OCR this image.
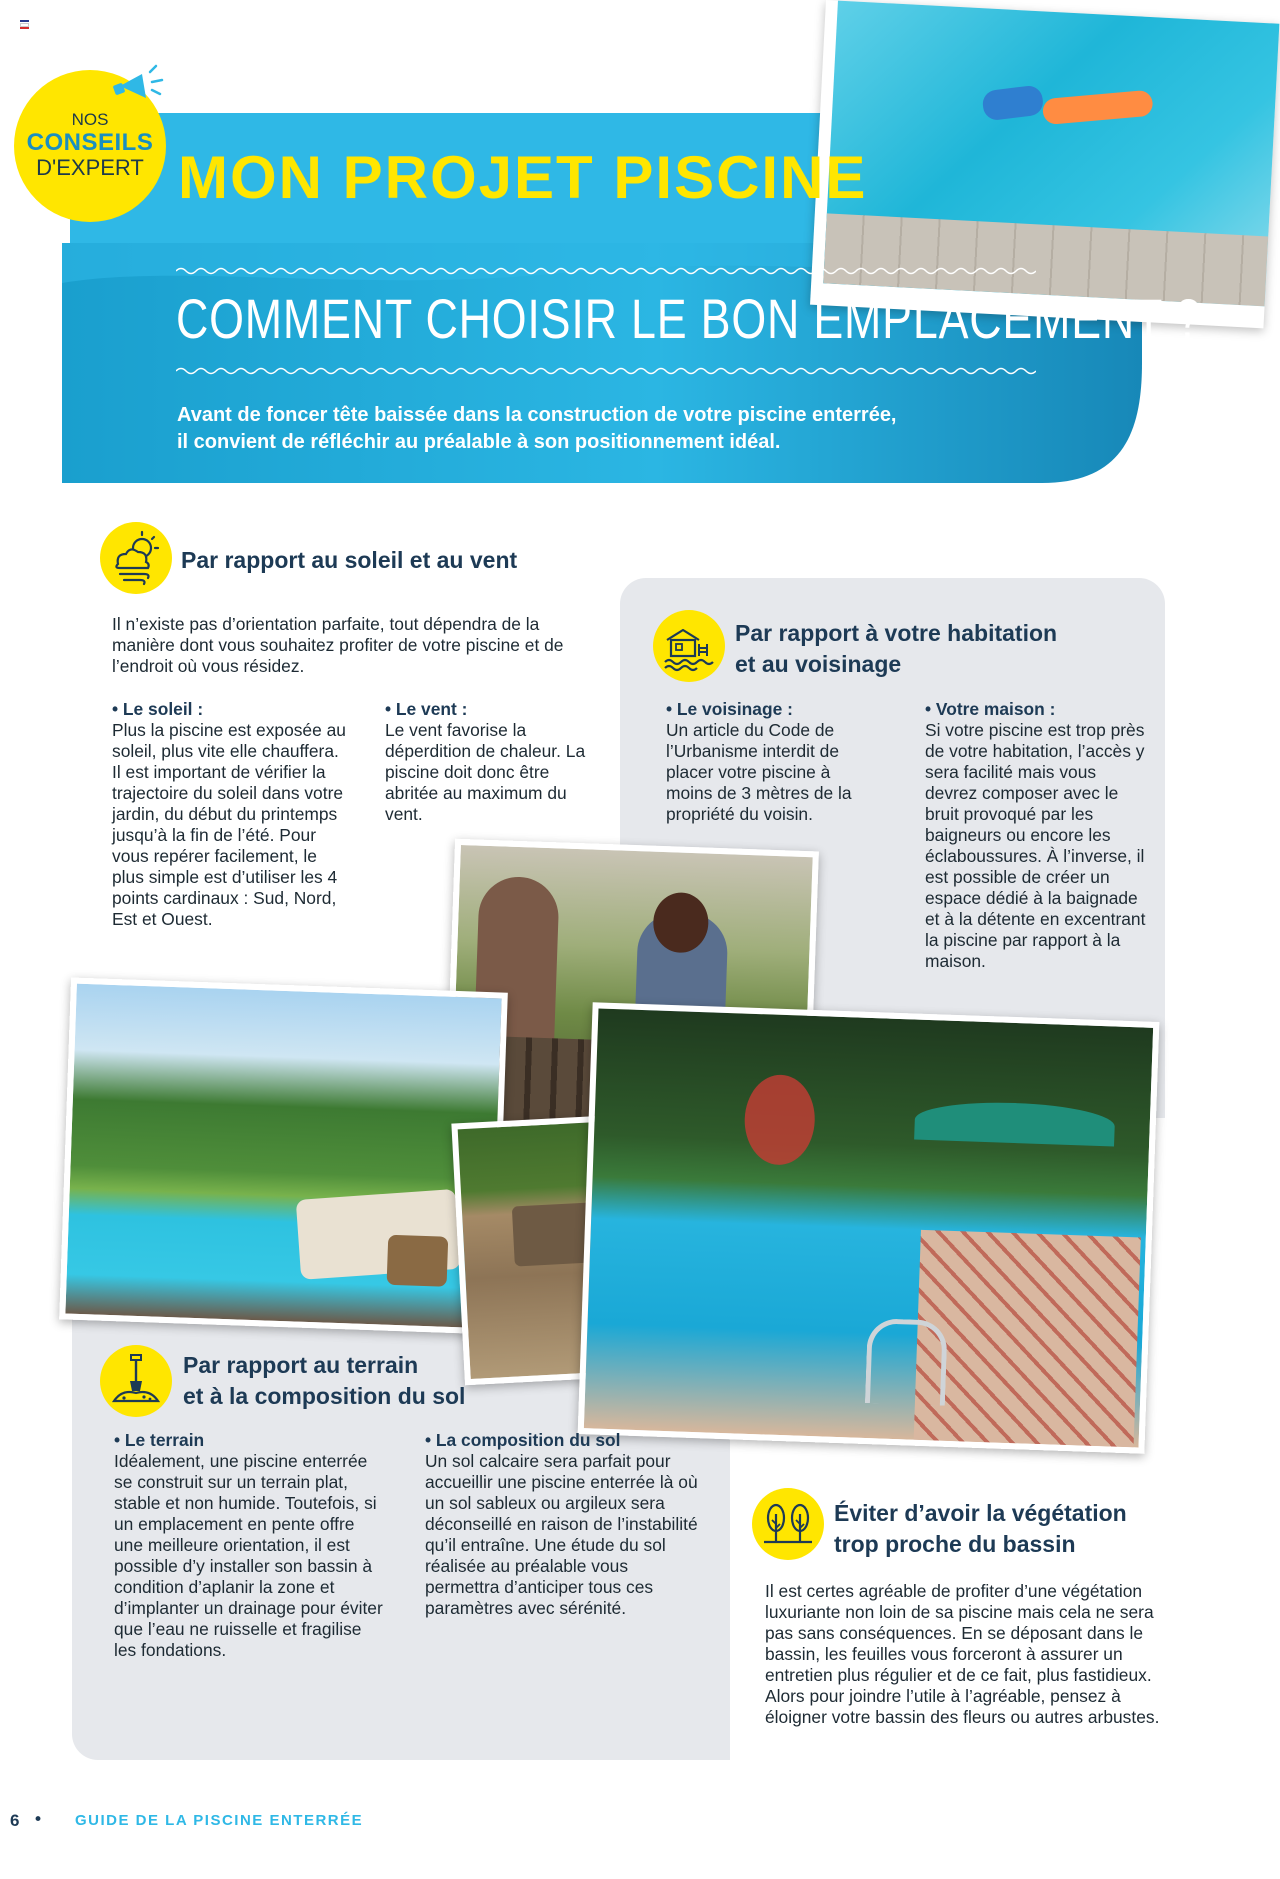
NOS
CONSEILS
D'EXPERT MON PROJET PISCINE
COMMENT CHOISIR LE BON EMPLACEMENT ?
Avant de foncer tête baissée dans la construction de votre piscine enterrée,
il convient de réfléchir au préalable à son positionnement idéal.
Par rapport au soleil et au vent
Il n’existe pas d’orientation parfaite, tout dépendra de la manière dont vous souhaitez profiter de votre piscine et de l’endroit où vous résidez.
• Le soleil :
Plus la piscine est exposée au soleil, plus vite elle chauffera. Il est important de vérifier la trajectoire du soleil dans votre jardin, du début du printemps jusqu’à la fin de l’été. Pour vous repérer facilement, le plus simple est d’utiliser les 4 points cardinaux : Sud, Nord, Est et Ouest.
• Le vent :
Le vent favorise la déperdition de chaleur. La piscine doit donc être abritée au maximum du vent.
Par rapport à votre habitation
et au voisinage
• Le voisinage :
Un article du Code de l’Urbanisme interdit de placer votre piscine à moins de 3 mètres de la propriété du voisin.
• Votre maison :
Si votre piscine est trop près de votre habitation, l’accès y sera facilité mais vous devrez composer avec le bruit provoqué par les baigneurs ou encore les éclaboussures. À l’inverse, il est possible de créer un espace dédié à la baignade et à la détente en excentrant la piscine par rapport à la maison.
Par rapport au terrain
et à la composition du sol
• Le terrain
Idéalement, une piscine enterrée se construit sur un terrain plat, stable et non humide. Toutefois, si un emplacement en pente offre une meilleure orientation, il est possible d’y installer son bassin à condition d’aplanir la zone et d’implanter un drainage pour éviter que l’eau ne ruisselle et fragilise les fondations.
• La composition du sol
Un sol calcaire sera parfait pour accueillir une piscine enterrée là où un sol sableux ou argileux sera déconseillé en raison de l’instabilité qu’il entraîne. Une étude du sol réalisée au préalable vous permettra d’anticiper tous ces paramètres avec sérénité.
Éviter d’avoir la végétation
trop proche du bassin
Il est certes agréable de profiter d’une végétation luxuriante non loin de sa piscine mais cela ne sera pas sans conséquences. En se déposant dans le bassin, les feuilles vous forceront à assurer un entretien plus régulier et de ce fait, plus fastidieux. Alors pour joindre l’utile à l’agréable, pensez à éloigner votre bassin des fleurs ou autres arbustes.
6 • GUIDE DE LA PISCINE ENTERRÉE
